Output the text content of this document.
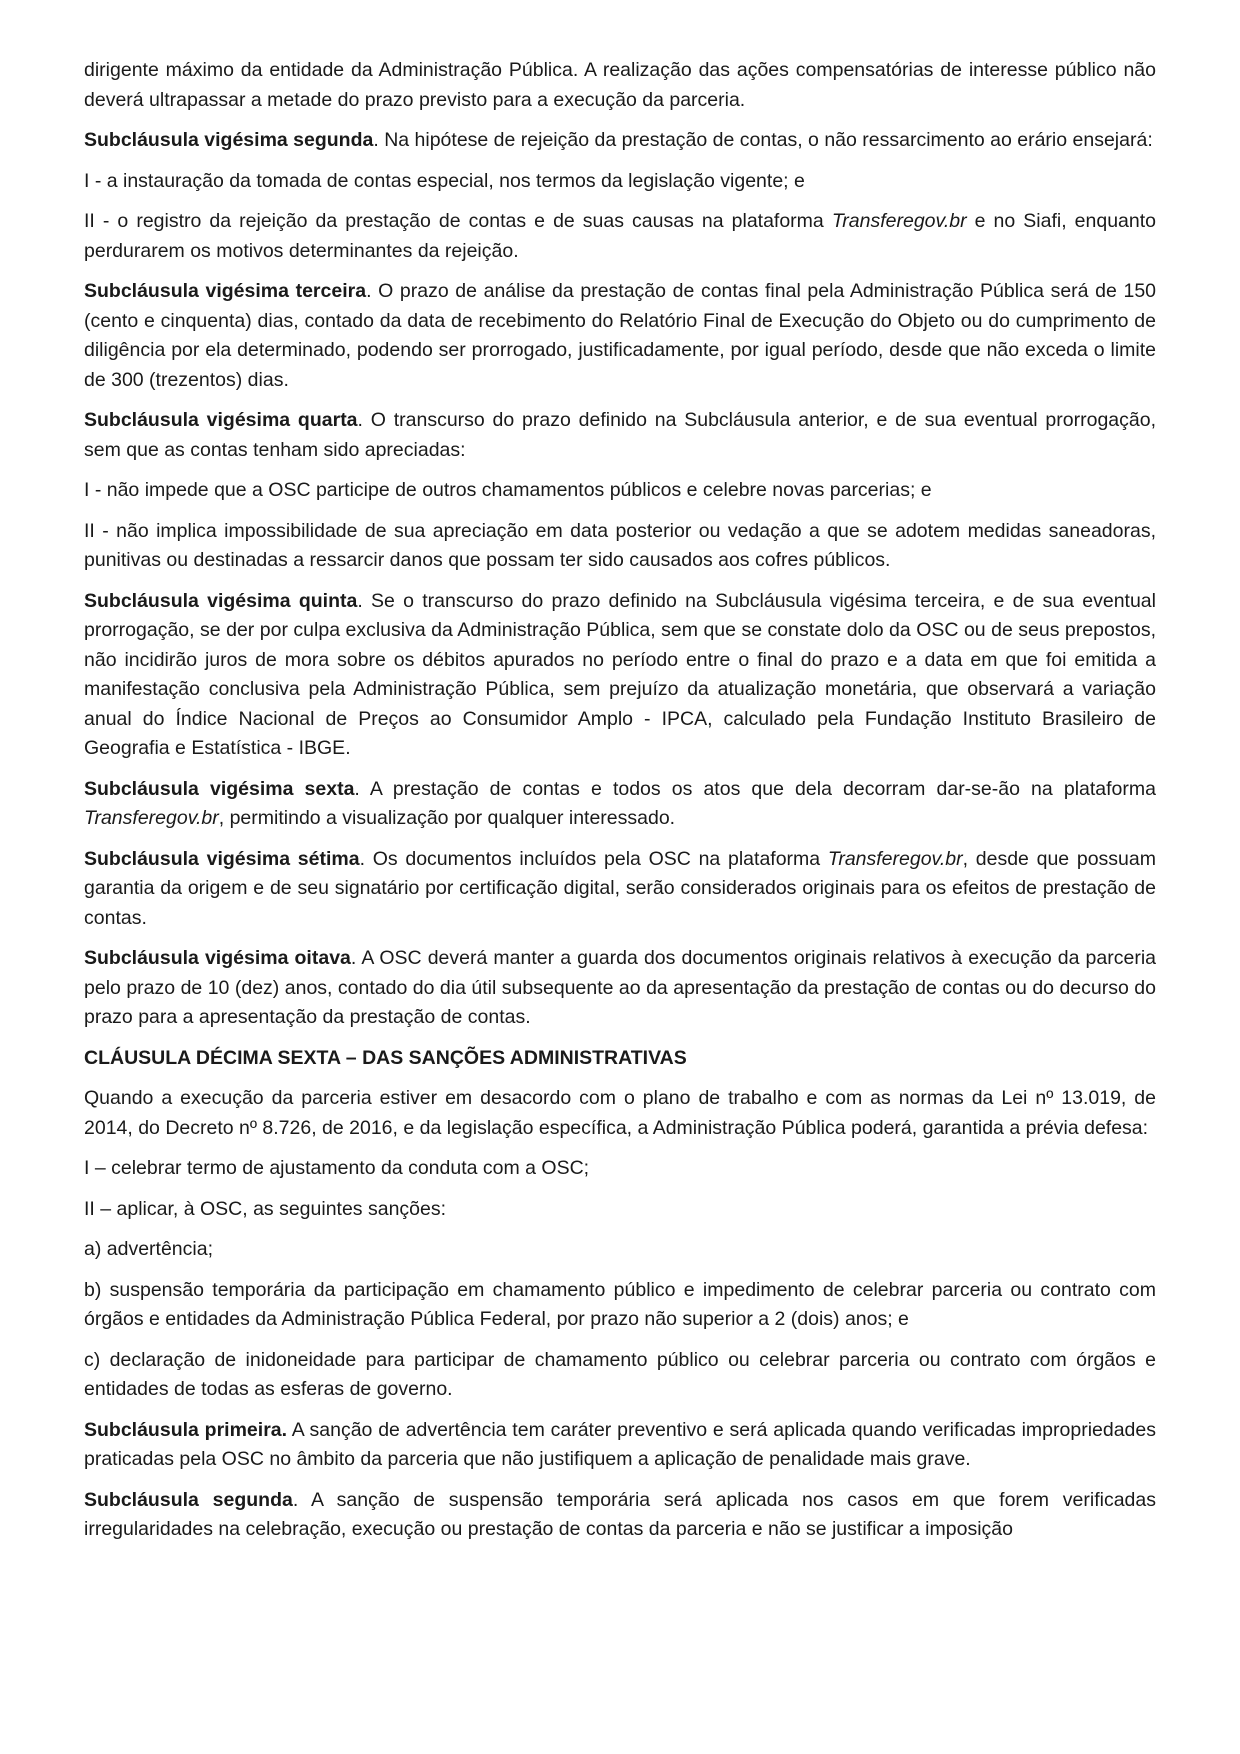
dirigente máximo da entidade da Administração Pública. A realização das ações compensatórias de interesse público não deverá ultrapassar a metade do prazo previsto para a execução da parceria.

Subcláusula vigésima segunda. Na hipótese de rejeição da prestação de contas, o não ressarcimento ao erário ensejará:

I - a instauração da tomada de contas especial, nos termos da legislação vigente; e

II - o registro da rejeição da prestação de contas e de suas causas na plataforma Transferegov.br e no Siafi, enquanto perdurarem os motivos determinantes da rejeição.

Subcláusula vigésima terceira. O prazo de análise da prestação de contas final pela Administração Pública será de 150 (cento e cinquenta) dias, contado da data de recebimento do Relatório Final de Execução do Objeto ou do cumprimento de diligência por ela determinado, podendo ser prorrogado, justificadamente, por igual período, desde que não exceda o limite de 300 (trezentos) dias.

Subcláusula vigésima quarta. O transcurso do prazo definido na Subcláusula anterior, e de sua eventual prorrogação, sem que as contas tenham sido apreciadas:

I - não impede que a OSC participe de outros chamamentos públicos e celebre novas parcerias; e

II - não implica impossibilidade de sua apreciação em data posterior ou vedação a que se adotem medidas saneadoras, punitivas ou destinadas a ressarcir danos que possam ter sido causados aos cofres públicos.

Subcláusula vigésima quinta. Se o transcurso do prazo definido na Subcláusula vigésima terceira, e de sua eventual prorrogação, se der por culpa exclusiva da Administração Pública, sem que se constate dolo da OSC ou de seus prepostos, não incidirão juros de mora sobre os débitos apurados no período entre o final do prazo e a data em que foi emitida a manifestação conclusiva pela Administração Pública, sem prejuízo da atualização monetária, que observará a variação anual do Índice Nacional de Preços ao Consumidor Amplo - IPCA, calculado pela Fundação Instituto Brasileiro de Geografia e Estatística - IBGE.

Subcláusula vigésima sexta. A prestação de contas e todos os atos que dela decorram dar-se-ão na plataforma Transferegov.br, permitindo a visualização por qualquer interessado.

Subcláusula vigésima sétima. Os documentos incluídos pela OSC na plataforma Transferegov.br, desde que possuam garantia da origem e de seu signatário por certificação digital, serão considerados originais para os efeitos de prestação de contas.

Subcláusula vigésima oitava. A OSC deverá manter a guarda dos documentos originais relativos à execução da parceria pelo prazo de 10 (dez) anos, contado do dia útil subsequente ao da apresentação da prestação de contas ou do decurso do prazo para a apresentação da prestação de contas.

CLÁUSULA DÉCIMA SEXTA – DAS SANÇÕES ADMINISTRATIVAS

Quando a execução da parceria estiver em desacordo com o plano de trabalho e com as normas da Lei nº 13.019, de 2014, do Decreto nº 8.726, de 2016, e da legislação específica, a Administração Pública poderá, garantida a prévia defesa:

I – celebrar termo de ajustamento da conduta com a OSC;

II – aplicar, à OSC, as seguintes sanções:

a) advertência;

b) suspensão temporária da participação em chamamento público e impedimento de celebrar parceria ou contrato com órgãos e entidades da Administração Pública Federal, por prazo não superior a 2 (dois) anos; e

c) declaração de inidoneidade para participar de chamamento público ou celebrar parceria ou contrato com órgãos e entidades de todas as esferas de governo.

Subcláusula primeira. A sanção de advertência tem caráter preventivo e será aplicada quando verificadas impropriedades praticadas pela OSC no âmbito da parceria que não justifiquem a aplicação de penalidade mais grave.

Subcláusula segunda. A sanção de suspensão temporária será aplicada nos casos em que forem verificadas irregularidades na celebração, execução ou prestação de contas da parceria e não se justificar a imposição
